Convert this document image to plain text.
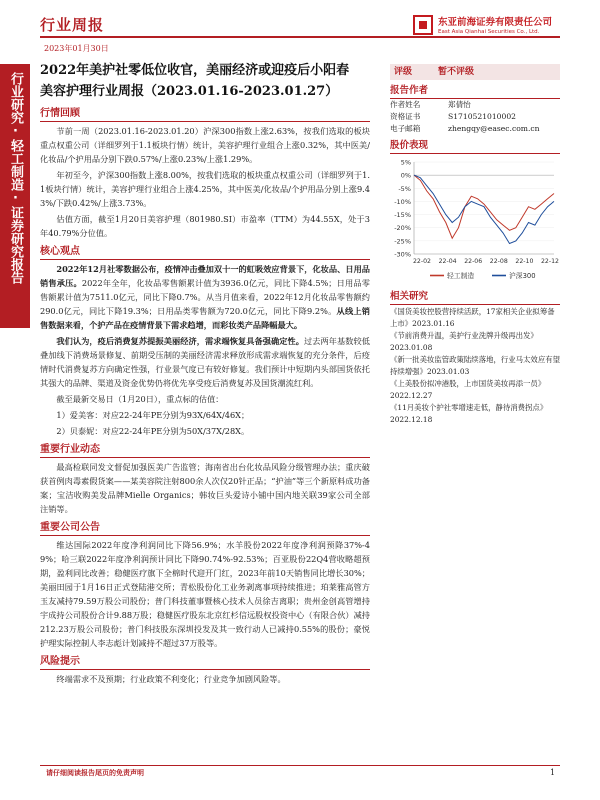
行业周报	东亚前海证券有限责任公司
East Asia Qianhai Securities Co., Ltd.
2023年01月30日
行业研究·轻工制造·证券研究报告
2022年美护社零低位收官，美丽经济或迎疫后小阳春
美容护理行业周报（2023.01.16-2023.01.27）
行情回顾

节前一周（2023.01.16-2023.01.20）沪深300指数上涨2.63%，按我们选取的板块重点权重公司（详细罗列于1.1板块行情）统计，美容护理行业组合上涨0.32%，其中医美/化妆品/个护用品分别下跌0.57%/上涨0.23%/上涨1.29%。

年初至今，沪深300指数上涨8.00%，按我们选取的板块重点权重公司（详细罗列于1.1板块行情）统计，美容护理行业组合上涨4.25%，其中医美/化妆品/个护用品分别上涨9.43%/下跌0.42%/上涨3.73%。

估值方面，截至1月20日美容护理（801980.SI）市盈率（TTM）为44.55X，处于3年40.79%分位值。

核心观点

2022年12月社零数据公布，疫情冲击叠加双十一的虹吸效应背景下，化妆品、日用品销售承压。2022年全年，化妆品零售额累计值为3936.0亿元，同比下降4.5%；日用品零售额累计值为7511.0亿元，同比下降0.7%。从当月值来看，2022年12月化妆品零售额约290.0亿元，同比下降19.3%；日用品类零售额为720.0亿元，同比下降9.2%。从线上销售数据来看，个护产品在疫情背景下需求趋增，而彩妆类产品降幅最大。

我们认为，疫后消费复苏提振美丽经济，需求端恢复具备强确定性。过去两年基数较低叠加线下消费场景修复、前期受压制的美丽经济需求释放形成需求端恢复的充分条件，后疫情时代消费复苏方向确定性强，行业景气度已有较好修复。我们预计中短期内头部国货依托其强大的品牌、渠道及资金优势仍将优先享受疫后消费复苏及国货潮流红利。

截至最新交易日（1月20日），重点标的估值：

1）爱美客：对应22-24年PE分别为93X/64X/46X；

2）贝泰妮：对应22-24年PE分别为50X/37X/28X。

重要行业动态

最高检联同发文督促加强医美广告监管；海南省出台化妆品风险分级管理办法；重庆破获首例肉毒素假货案——某美容院注射800余人次仅20针正品；“护油”等三个新原料成功备案；宝洁收购美发品牌Mielle Organics；韩妆巨头爱诗小铺中国内地关联39家公司全部注销等。

重要公司公告

维达国际2022年度净利润同比下降56.9%；水羊股份2022年度净利润预降37%-49%；哈三联2022年度净利润预计同比下降90.74%-92.53%；百亚股份22Q4营收略超预期，盈利同比改善；稳健医疗旗下全棉时代迎开门红，2023年前10天销售同比增长30%；美丽田园于1月16日正式登陆港交所；青松股份化工业务剥离事项持续推进；珀莱雅高管方玉友减持79.59万股公司股份；普门科技董事暨核心技术人员徐吉离职；贵州金创高管增持宇成持公司股份合计9.88万股；稳健医疗股东北京红杉信远股权投资中心（有限合伙）减持212.23万股公司股份；普门科技股东深圳投发及其一致行动人已减持0.55%的股份；豪悦护理实际控制人李志彪计划减持不超过37万股等。

风险提示

终端需求不及预期；行业政策不利变化；行业竞争加剧风险等。

评级	暂不评级
报告作者
作者姓名	郑倩怡
资格证书	S1710521010002
电子邮箱	zhengqy@easec.com.cn
股价表现
5%
0%
-5%
-10%
-15%
-20%
-25%
-30%
22-02 22-04 22-06 22-08 22-10 22-12
轻工制造	沪深300
相关研究
《国货美妆控股营持续活跃，17家相关企业拟筹备上市》2023.01.16
《节前消费升温，美护行业洗牌升级再出发》2023.01.08
《新一批美妆监管政策陆续落地，行业马太效应有望持续增强》2023.01.03
《上美股份拟冲港股，上市国货美妆再添一员》2022.12.27
《11月美妆个护社零增速走低，静待消费拐点》2022.12.18
请仔细阅读报告尾页的免责声明	1
